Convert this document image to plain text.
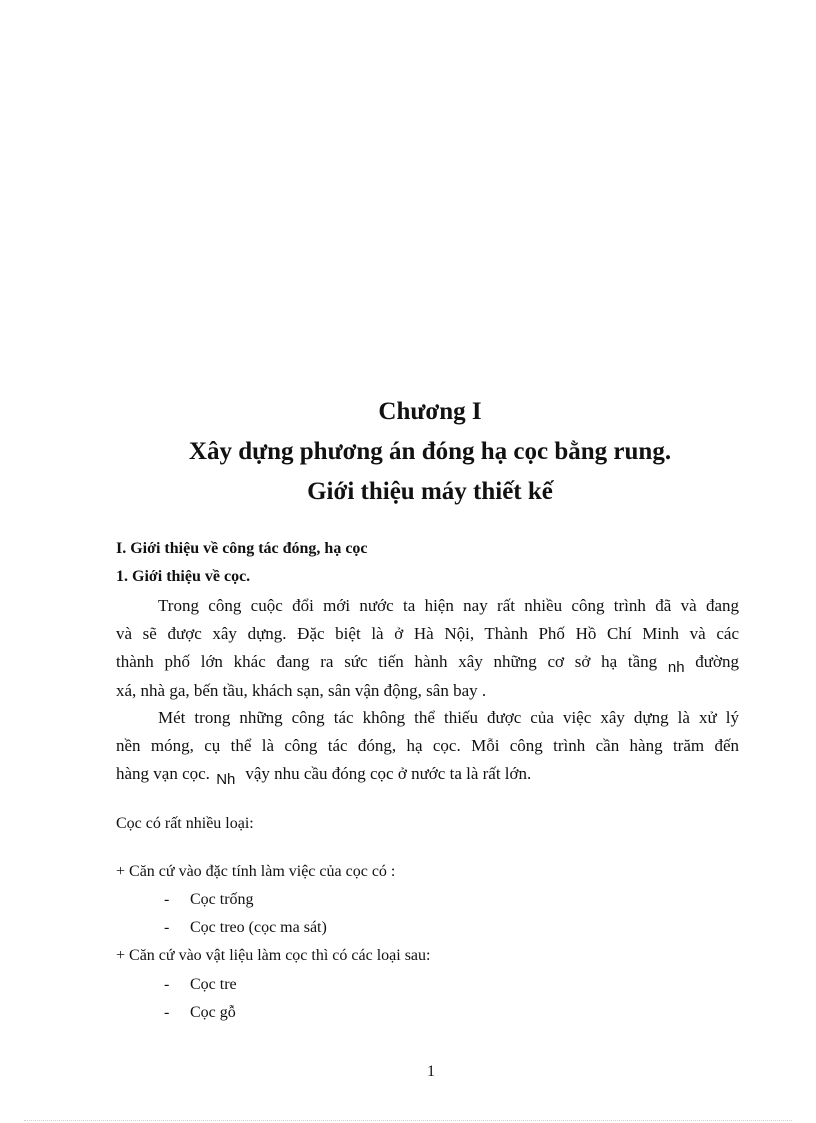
Chương I
Xây dựng phương án đóng hạ cọc bằng rung.
Giới thiệu máy thiết kế
I. Giới thiệu về công tác đóng, hạ cọc
1. Giới thiệu về cọc.
Trong công cuộc đổi mới nước ta hiện nay rất nhiều công trình đã và đang
và sẽ được xây dựng. Đặc biệt là ở Hà Nội, Thành Phố Hồ Chí Minh và các
thành phố lớn khác đang ra sức tiến hành xây những cơ sở hạ tầng nh đường
xá, nhà ga, bến tầu, khách sạn, sân vận động, sân bay .
Mét trong những công tác không thể thiếu được của việc xây dựng là xử lý
nền móng, cụ thể là công tác đóng, hạ cọc. Mỗi công trình cần hàng trăm đến
hàng vạn cọc. Nh vậy nhu cầu đóng cọc ở nước ta là rất lớn.
Cọc có rất nhiều loại:
+ Căn cứ vào đặc tính làm việc của cọc có :
- Cọc trống
- Cọc treo (cọc ma sát)
+ Căn cứ vào vật liệu làm cọc thì có các loại sau:
- Cọc tre
- Cọc gỗ
1
